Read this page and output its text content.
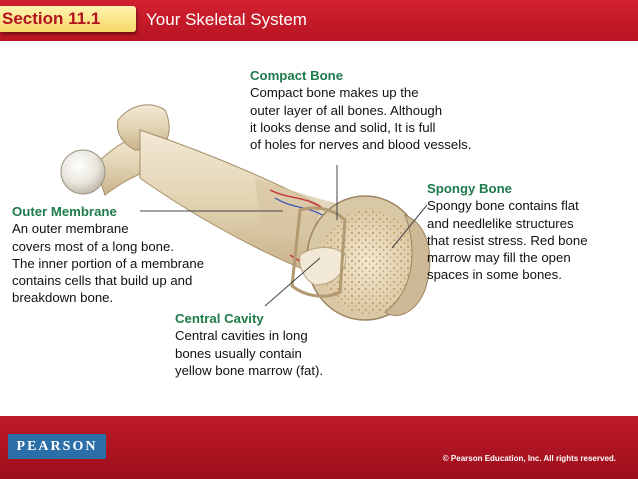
Section 11.1	Your Skeletal System
Compact Bone
Compact bone makes up the
outer layer of all bones. Although
it looks dense and solid, It is full
of holes for nerves and blood vessels.
Spongy Bone
Spongy bone contains flat
and needlelike structures
that resist stress. Red bone
marrow may fill the open
spaces in some bones.
Outer Membrane
An outer membrane
covers most of a long bone.
The inner portion of a membrane
contains cells that build up and
breakdown bone.
Central Cavity
Central cavities in long
bones usually contain
yellow bone marrow (fat).
PEARSON
© Pearson Education, Inc. All rights reserved.
